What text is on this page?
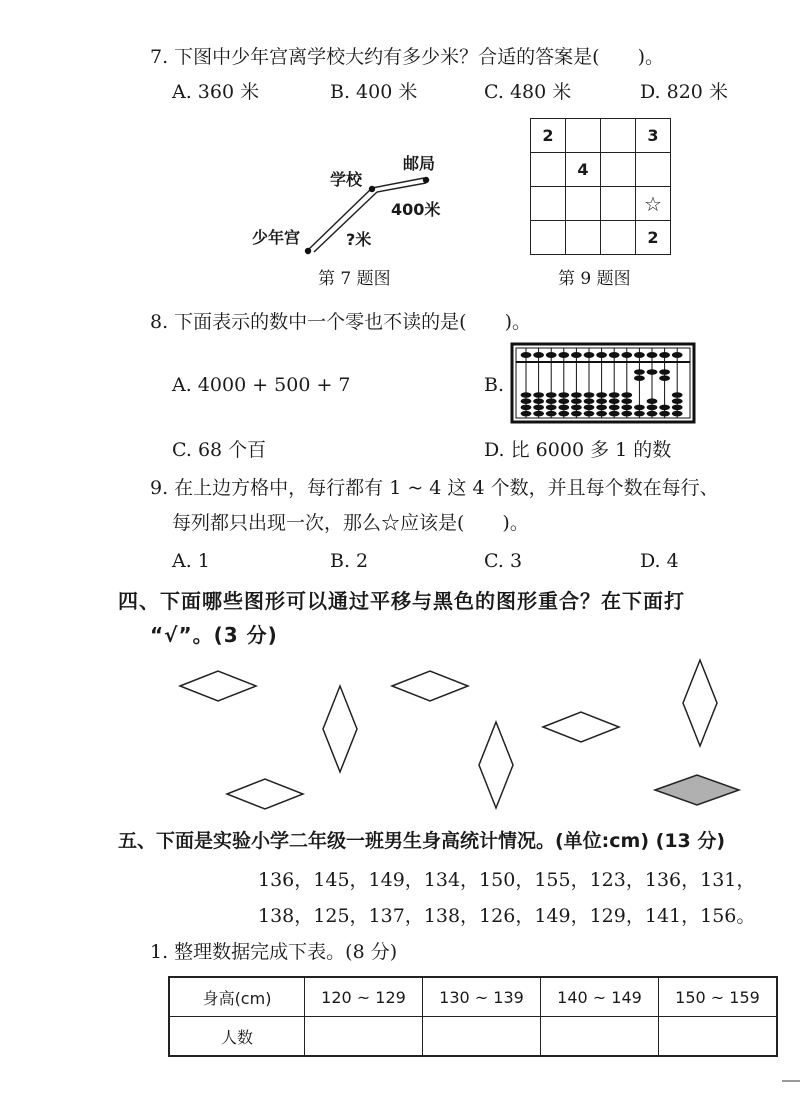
7. 下图中少年宫离学校大约有多少米？合适的答案是(　　)。
A. 360 米	B. 400 米	C. 480 米	D. 820 米
学校
邮局
400米
少年宫	?米
第 7 题图
2			3
	4		
			☆
			2
第 9 题图
8. 下面表示的数中一个零也不读的是(　　)。
A. 4000 + 500 + 7	B.
C. 68 个百	D. 比 6000 多 1 的数
9. 在上边方格中，每行都有 1 ~ 4 这 4 个数，并且每个数在每行、
每列都只出现一次，那么☆应该是(　　)。
A. 1	B. 2	C. 3	D. 4
四、下面哪些图形可以通过平移与黑色的图形重合？在下面打
“√”。(3 分)
五、下面是实验小学二年级一班男生身高统计情况。(单位:cm) (13 分)
136，145，149，134，150，155，123，136，131，
138，125，137，138，126，149，129，141，156。
1. 整理数据完成下表。(8 分)
身高(cm)	120 ~ 129	130 ~ 139	140 ~ 149	150 ~ 159
人数				
